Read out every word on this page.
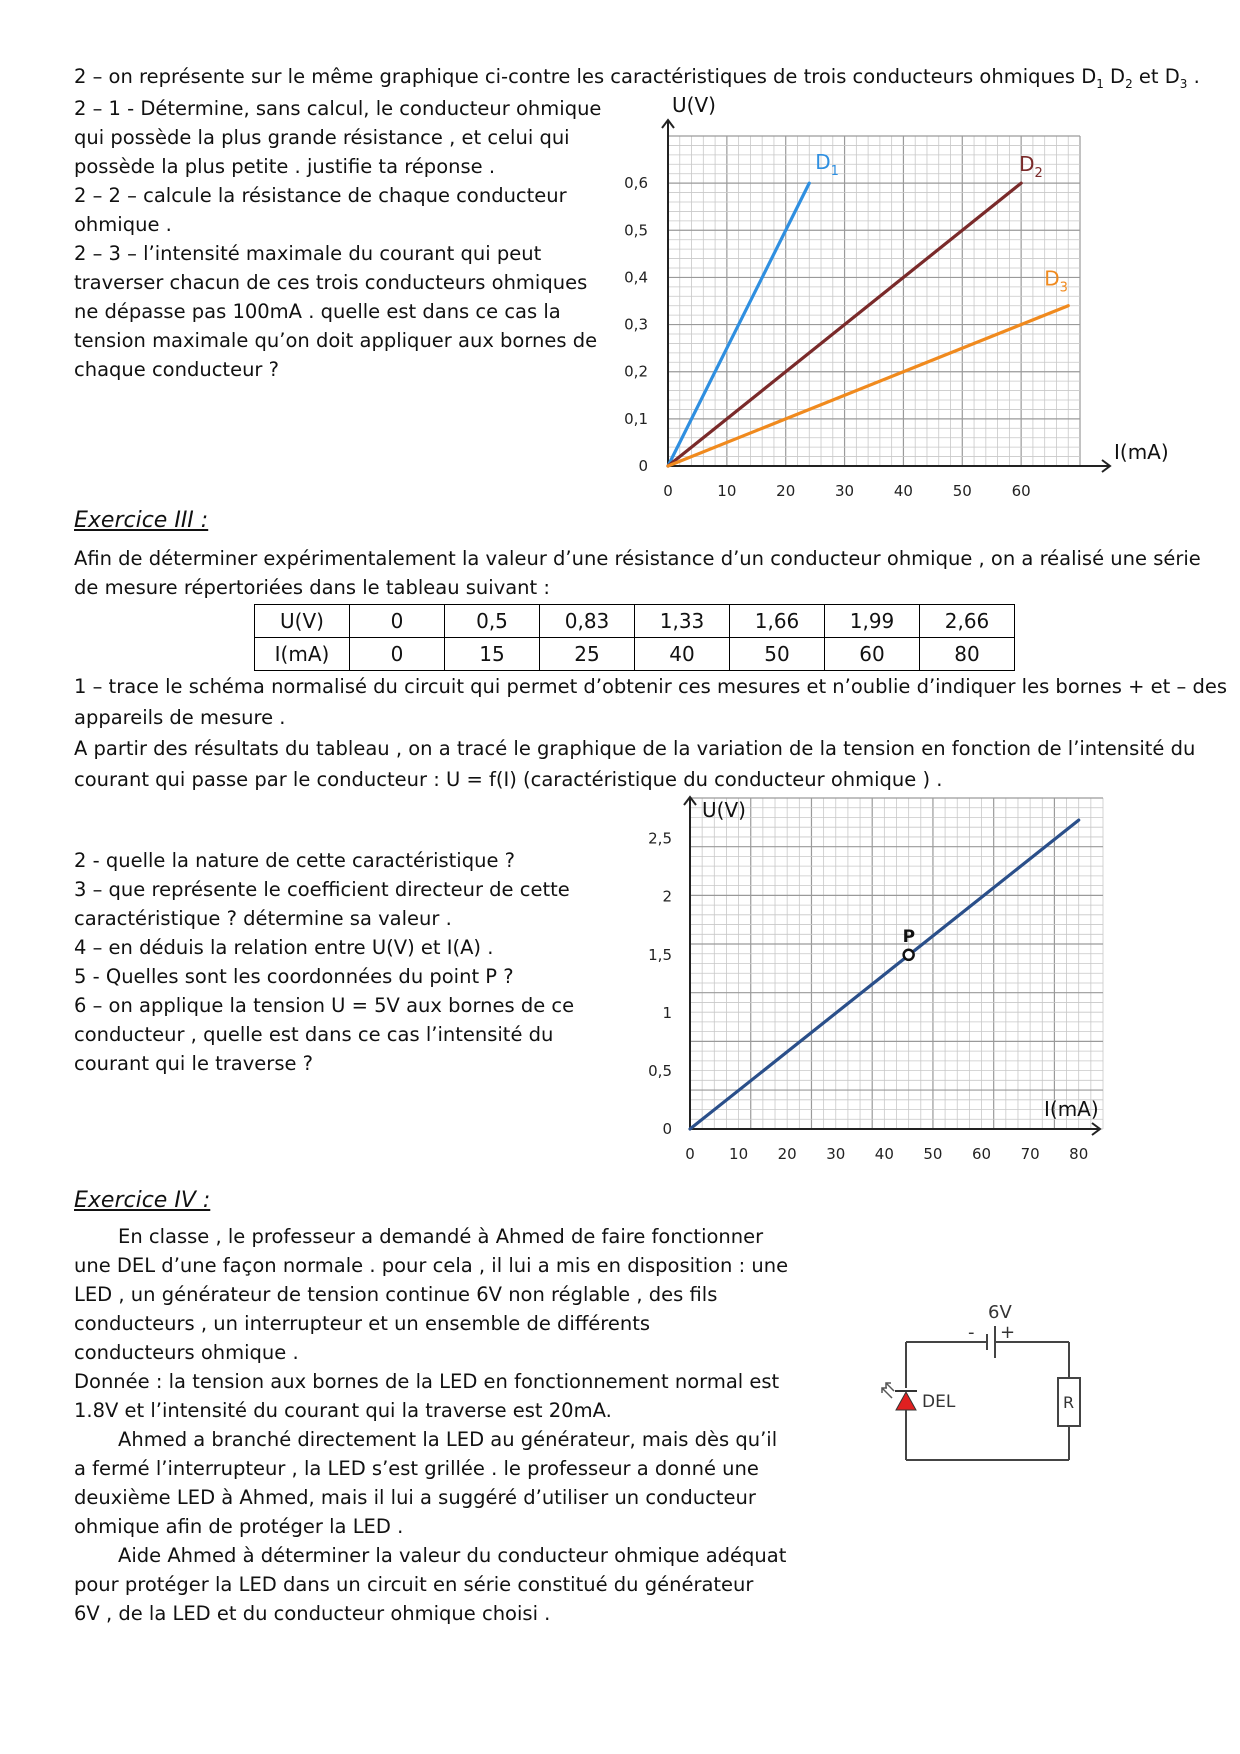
2 – on représente sur le même graphique ci-contre les caractéristiques de trois conducteurs ohmiques $D_1$ $D_2$ et $D_3$ .
2 – 1 - Détermine, sans calcul, le conducteur ohmique
qui possède la plus grande résistance , et celui qui
possède la plus petite . justifie ta réponse .
2 – 2 – calcule la résistance de chaque conducteur
ohmique .
2 – 3 – l’intensité maximale du courant qui peut
traverser chacun de ces trois conducteurs ohmiques
ne dépasse pas 100mA . quelle est dans ce cas la
tension maximale qu’on doit appliquer aux bornes de
chaque conducteur ?
0	10	20	30	40	50	60
0
0,1
0,2
0,3
0,4
0,5
0,6
I(mA)
U(V)
$D_1$	$D_2$
$D_3$
Exercice III :
Afin de déterminer expérimentalement la valeur d’une résistance d’un conducteur ohmique , on a réalisé une série
de mesure répertoriées dans le tableau suivant :
U(V)	0	0,5	0,83	1,33	1,66	1,99	2,66
I(mA)	0	15	25	40	50	60	80
1 – trace le schéma normalisé du circuit qui permet d’obtenir ces mesures et n’oublie d’indiquer les bornes + et – des
appareils de mesure .
A partir des résultats du tableau , on a tracé le graphique de la variation de la tension en fonction de l’intensité du
courant qui passe par le conducteur : U = f(I) (caractéristique du conducteur ohmique ) .
2 - quelle la nature de cette caractéristique ?
3 – que représente le coefficient directeur de cette
caractéristique ? détermine sa valeur .
4 – en déduis la relation entre U(V) et I(A) .
5 - Quelles sont les coordonnées du point P ?
6 – on applique la tension U = 5V aux bornes de ce
conducteur , quelle est dans ce cas l’intensité du
courant qui le traverse ?
0 10 20 30 40 50 60 70 80
0
0,5
1
1,5
2
2,5
I(mA)
U(V)
P
Exercice IV :
En classe , le professeur a demandé à Ahmed de faire fonctionner
une DEL d’une façon normale . pour cela , il lui a mis en disposition : une
LED , un générateur de tension continue 6V non réglable , des fils
conducteurs , un interrupteur et un ensemble de différents
conducteurs ohmique .
Donnée : la tension aux bornes de la LED en fonctionnement normal est
1.8V et l’intensité du courant qui la traverse est 20mA.
Ahmed a branché directement la LED au générateur, mais dès qu’il
a fermé l’interrupteur , la LED s’est grillée . le professeur a donné une
deuxième LED à Ahmed, mais il lui a suggéré d’utiliser un conducteur
ohmique afin de protéger la LED .
Aide Ahmed à déterminer la valeur du conducteur ohmique adéquat
pour protéger la LED dans un circuit en série constitué du générateur
6V , de la LED et du conducteur ohmique choisi .
6V
- +
R
DEL
